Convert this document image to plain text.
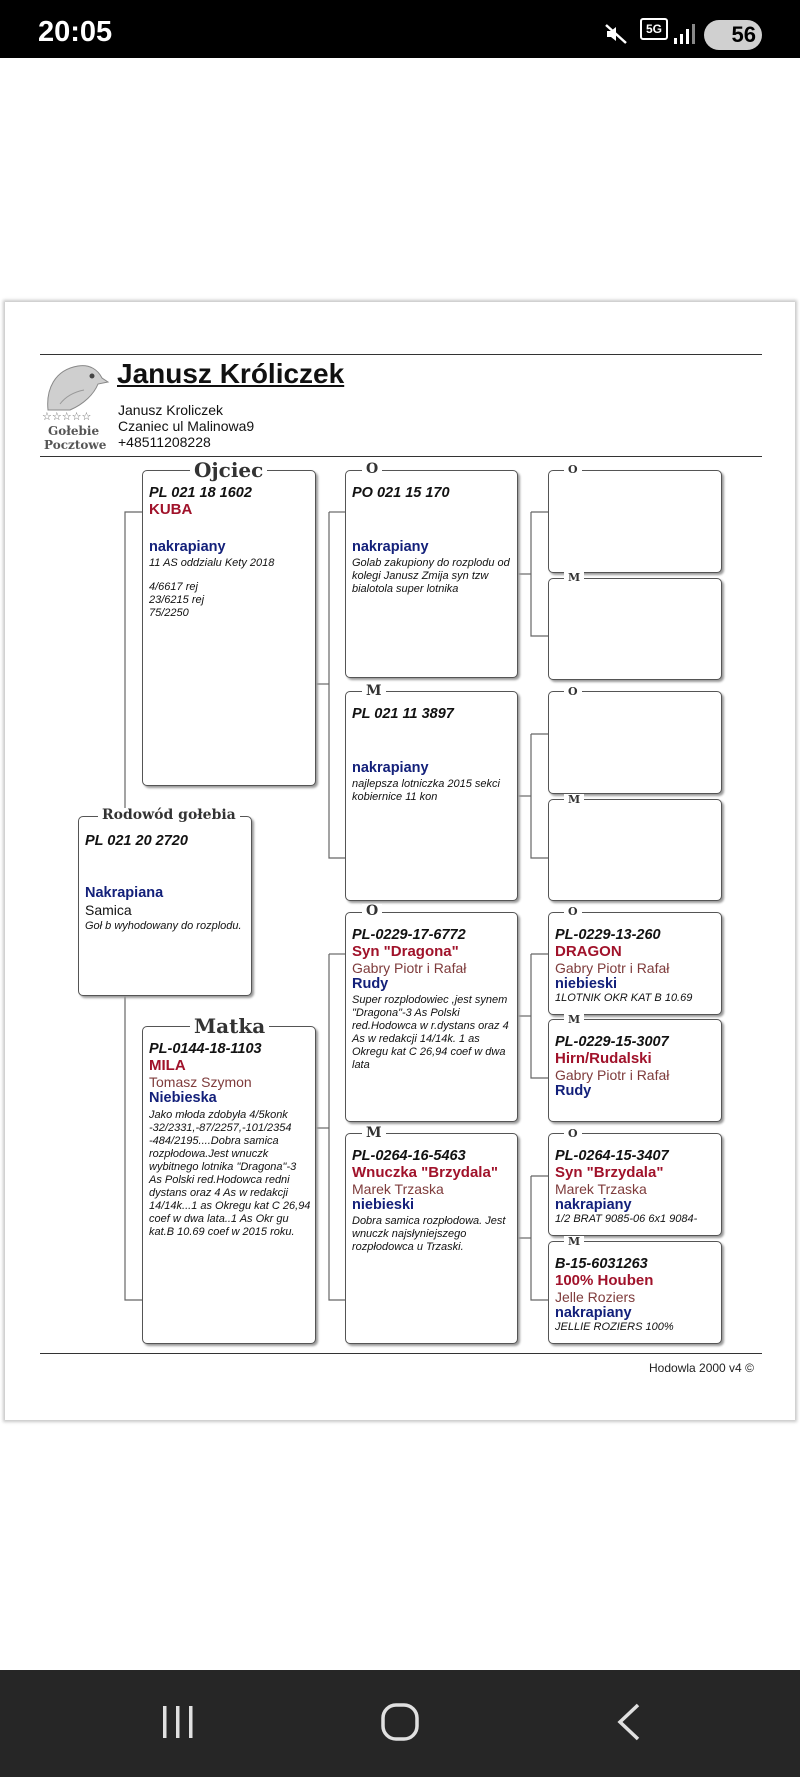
20:05	5G	56
☆☆☆☆☆
Gołebie
Pocztowe
Janusz Króliczek
Janusz Kroliczek
Czaniec ul Malinowa9
+48511208228
PL 021 20 2720
Nakrapiana
Samica
Goł b wyhodowany do rozplodu.
Rodowód gołebia
PL 021 18 1602
KUBA
nakrapiany
11 AS oddzialu Kety 2018
4/6617 rej
23/6215 rej
75/2250
Ojciec
PL-0144-18-1103
MILA
Tomasz Szymon
Niebieska
Jako młoda zdobyła 4/5konk -32/2331,-87/2257,-101/2354 -484/2195....Dobra samica rozpłodowa.Jest wnuczk wybitnego lotnika "Dragona"-3 As Polski red.Hodowca redni dystans oraz 4 As w redakcji 14/14k...1 as Okregu kat C 26,94 coef w dwa lata..1 As Okr gu kat.B 10.69 coef w 2015 roku.
Matka
PO 021 15 170
nakrapiany
Golab zakupiony do rozplodu od kolegi Janusz Zmija syn tzw bialotola super lotnika
O
PL 021 11 3897
nakrapiany
najlepsza lotniczka 2015 sekci kobiernice 11 kon
M
PL-0229-17-6772
Syn "Dragona"
Gabry Piotr i Rafał
Rudy
Super rozplodowiec ,jest synem "Dragona"-3 As Polski red.Hodowca w r.dystans oraz 4 As w redakcji 14/14k. 1 as Okregu kat C 26,94 coef w dwa lata
O
PL-0264-16-5463
Wnuczka "Brzydala"
Marek Trzaska
niebieski
Dobra samica rozpłodowa. Jest wnuczk najsłyniejszego rozpłodowca u Trzaski.
M
O
M
O
M
PL-0229-13-260
DRAGON
Gabry Piotr i Rafał
niebieski
1LOTNIK OKR KAT B 10.69
O
PL-0229-15-3007
Hirn/Rudalski
Gabry Piotr i Rafał
Rudy
M
PL-0264-15-3407
Syn "Brzydala"
Marek Trzaska
nakrapiany
1/2 BRAT 9085-06 6x1 9084-
O
B-15-6031263
100% Houben
Jelle Roziers
nakrapiany
JELLIE ROZIERS 100%
M
Hodowla 2000 v4 ©
